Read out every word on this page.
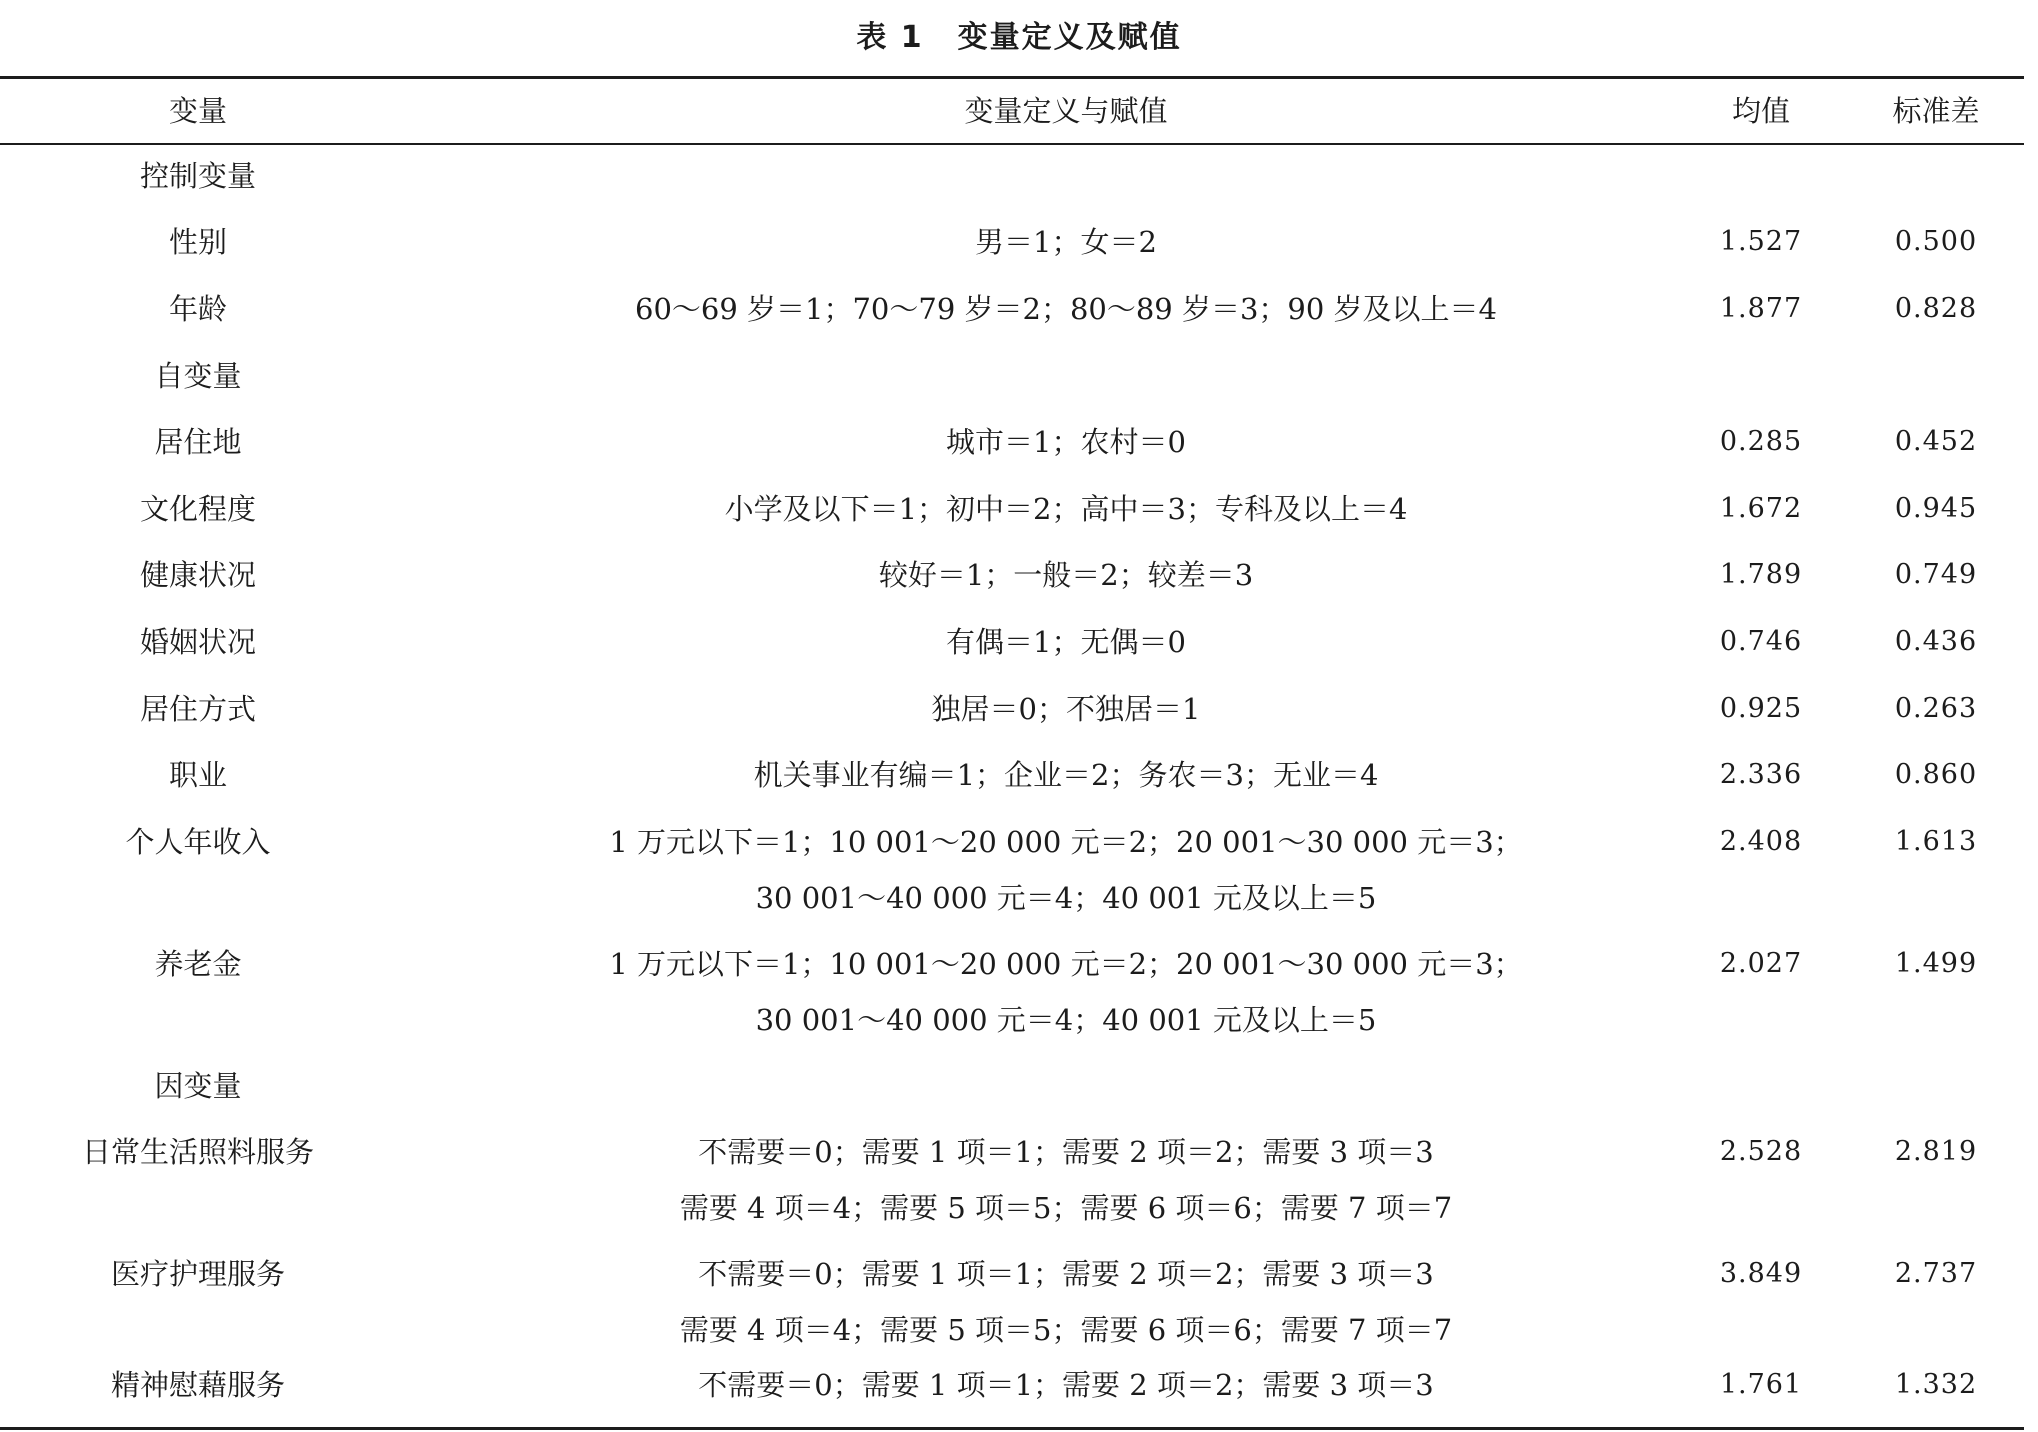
表 1 变量定义及赋值
变量	变量定义与赋值	均值	标准差
控制变量
性别	男＝1；女＝2	1.527	0.500
年龄	60～69 岁＝1；70～79 岁＝2；80～89 岁＝3；90 岁及以上＝4	1.877	0.828
自变量
居住地	城市＝1；农村＝0	0.285	0.452
文化程度	小学及以下＝1；初中＝2；高中＝3；专科及以上＝4	1.672	0.945
健康状况	较好＝1；一般＝2；较差＝3	1.789	0.749
婚姻状况	有偶＝1；无偶＝0	0.746	0.436
居住方式	独居＝0；不独居＝1	0.925	0.263
职业	机关事业有编＝1；企业＝2；务农＝3；无业＝4	2.336	0.860
个人年收入	1 万元以下＝1；10 001～20 000 元＝2；20 001～30 000 元＝3；	2.408	1.613
30 001～40 000 元＝4；40 001 元及以上＝5
养老金	1 万元以下＝1；10 001～20 000 元＝2；20 001～30 000 元＝3；	2.027	1.499
30 001～40 000 元＝4；40 001 元及以上＝5
因变量
日常生活照料服务	不需要＝0；需要 1 项＝1；需要 2 项＝2；需要 3 项＝3	2.528	2.819
需要 4 项＝4；需要 5 项＝5；需要 6 项＝6；需要 7 项＝7
医疗护理服务	不需要＝0；需要 1 项＝1；需要 2 项＝2；需要 3 项＝3	3.849	2.737
需要 4 项＝4；需要 5 项＝5；需要 6 项＝6；需要 7 项＝7
精神慰藉服务	不需要＝0；需要 1 项＝1；需要 2 项＝2；需要 3 项＝3	1.761	1.332
